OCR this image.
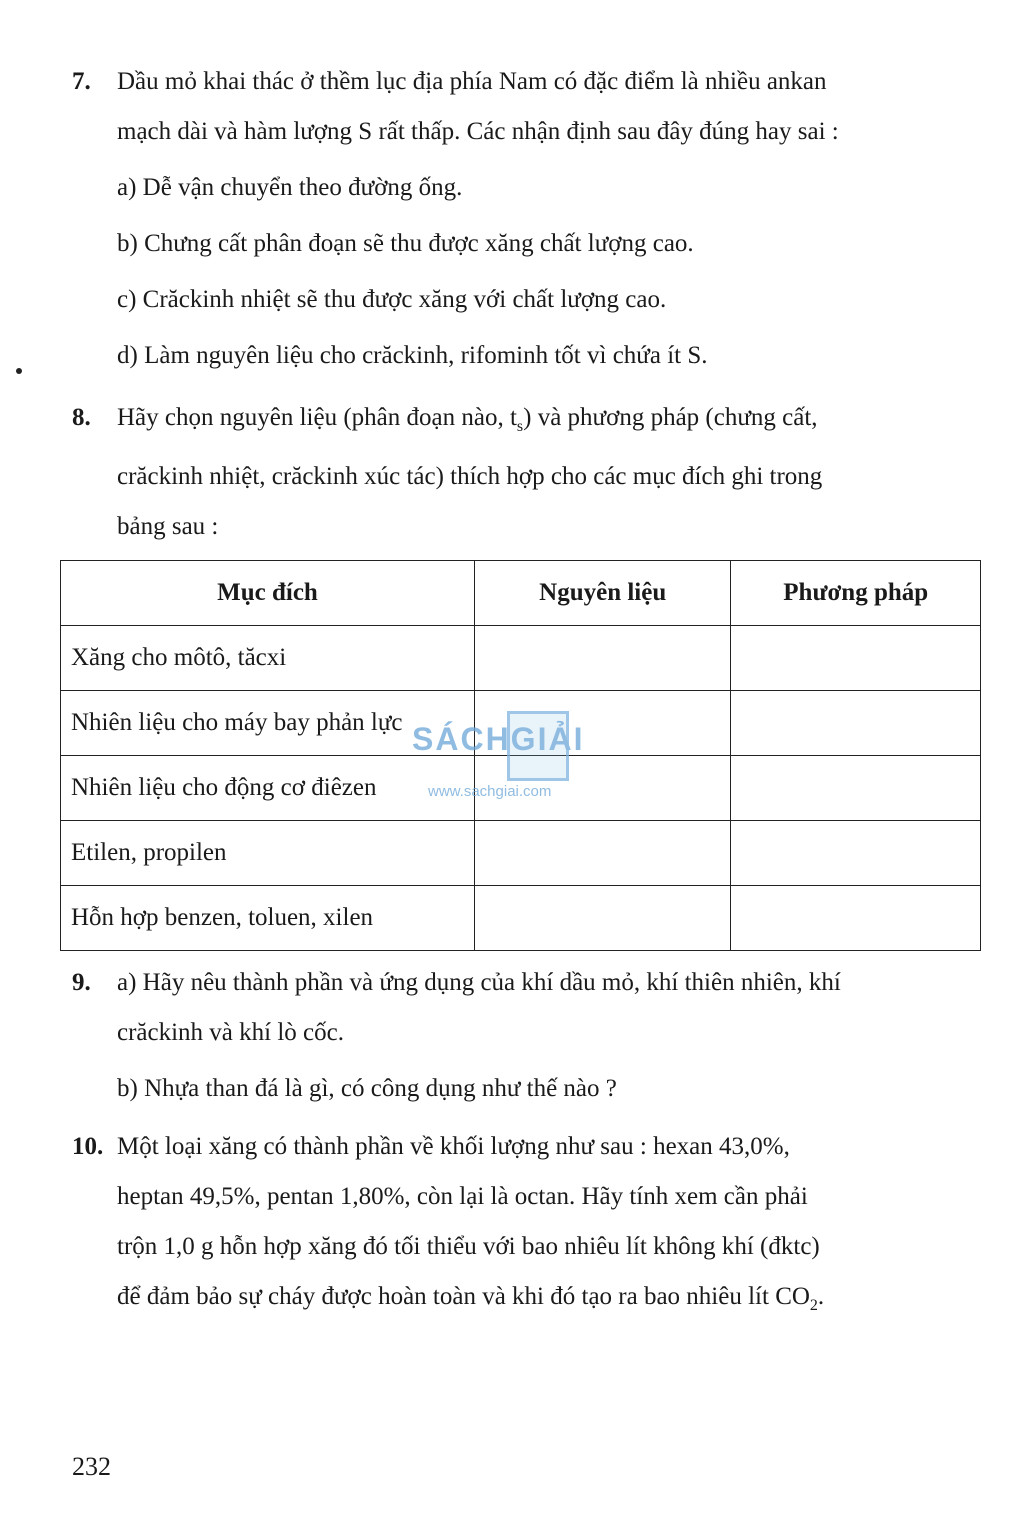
7. Dầu mỏ khai thác ở thềm lục địa phía Nam có đặc điểm là nhiều ankan
mạch dài và hàm lượng S rất thấp. Các nhận định sau đây đúng hay sai :
a) Dễ vận chuyển theo đường ống.
b) Chưng cất phân đoạn sẽ thu được xăng chất lượng cao.
c) Crăckinh nhiệt sẽ thu được xăng với chất lượng cao.
d) Làm nguyên liệu cho crăckinh, rifominh tốt vì chứa ít S.
8. Hãy chọn nguyên liệu (phân đoạn nào, $t_s$) và phương pháp (chưng cất,
crăckinh nhiệt, crăckinh xúc tác) thích hợp cho các mục đích ghi trong
bảng sau :
Mục đích	Nguyên liệu	Phương pháp
Xăng cho môtô, tăcxi		
Nhiên liệu cho máy bay phản lực		
Nhiên liệu cho động cơ điêzen		
Etilen, propilen		
Hỗn hợp benzen, toluen, xilen		
SÁCHGIẢI
www.sachgiai.com
9. a) Hãy nêu thành phần và ứng dụng của khí dầu mỏ, khí thiên nhiên, khí
crăckinh và khí lò cốc.
b) Nhựa than đá là gì, có công dụng như thế nào ?
10. Một loại xăng có thành phần về khối lượng như sau : hexan 43,0%,
heptan 49,5%, pentan 1,80%, còn lại là octan. Hãy tính xem cần phải
trộn 1,0 g hỗn hợp xăng đó tối thiểu với bao nhiêu lít không khí (đktc)
để đảm bảo sự cháy được hoàn toàn và khi đó tạo ra bao nhiêu lít $CO_2$.
232
